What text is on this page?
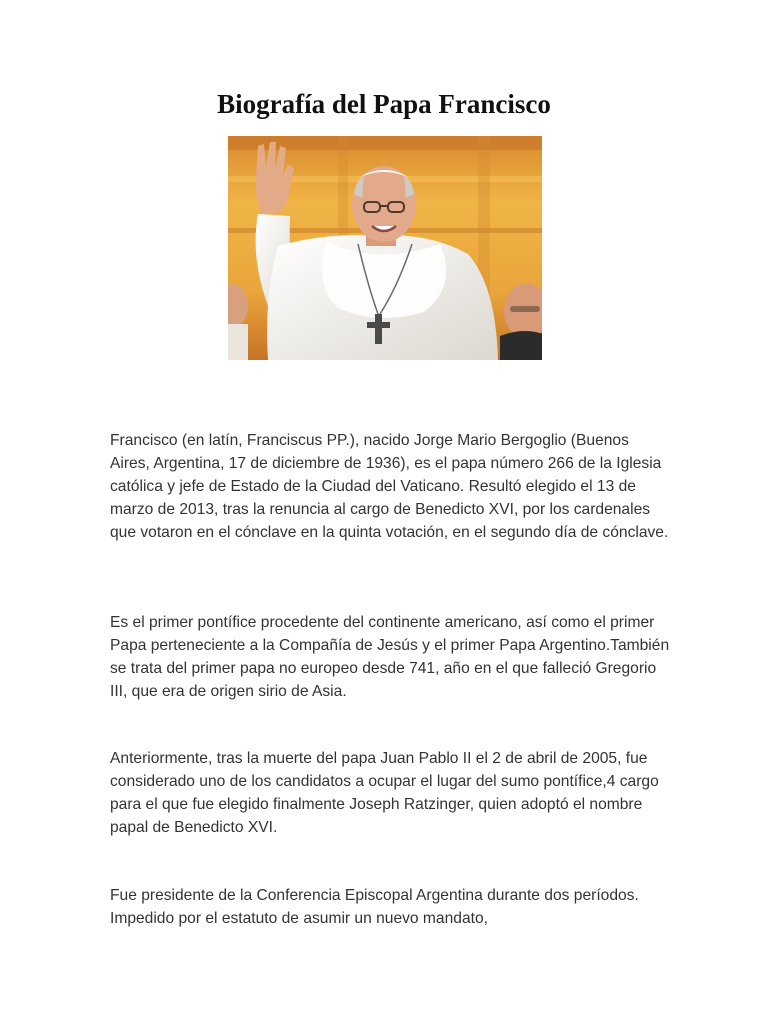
Biografía del Papa Francisco

Francisco (en latín, Franciscus PP.), nacido Jorge Mario Bergoglio (Buenos Aires, Argentina, 17 de diciembre de 1936), es el papa número 266 de la Iglesia católica y jefe de Estado de la Ciudad del Vaticano. Resultó elegido el 13 de marzo de 2013, tras la renuncia al cargo de Benedicto XVI, por los cardenales que votaron en el cónclave en la quinta votación, en el segundo día de cónclave.

Es el primer pontífice procedente del continente americano, así como el primer Papa perteneciente a la Compañía de Jesús y el primer Papa Argentino.También se trata del primer papa no europeo desde 741, año en el que falleció Gregorio III, que era de origen sirio de Asia.

Anteriormente, tras la muerte del papa Juan Pablo II el 2 de abril de 2005, fue considerado uno de los candidatos a ocupar el lugar del sumo pontífice,4 cargo para el que fue elegido finalmente Joseph Ratzinger, quien adoptó el nombre papal de Benedicto XVI.

Fue presidente de la Conferencia Episcopal Argentina durante dos períodos. Impedido por el estatuto de asumir un nuevo mandato,
